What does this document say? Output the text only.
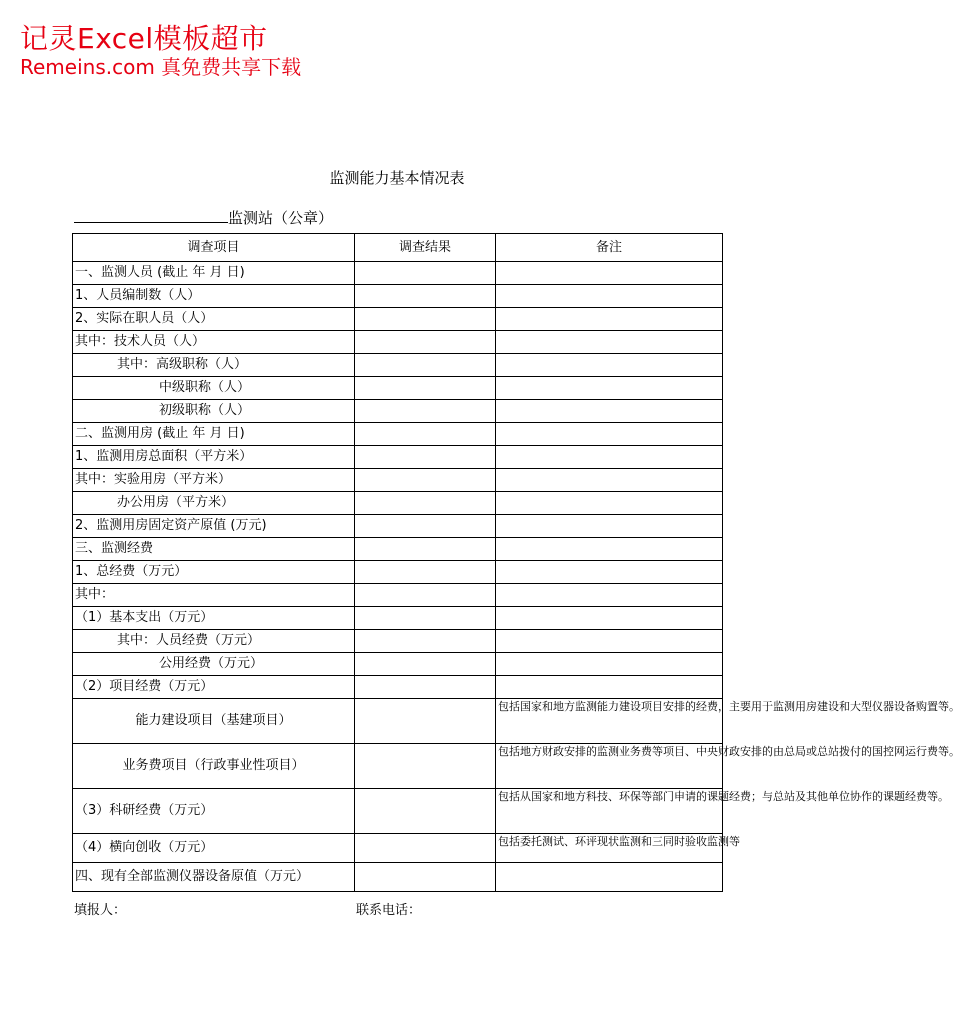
记灵Excel模板超市
Remeins.com 真免费共享下载
监测能力基本情况表
监测站（公章）
调查项目	调查结果	备注
一、监测人员 (截止 年 月 日)		
1、人员编制数（人）		
2、实际在职人员（人）		
其中：技术人员（人）		
其中：高级职称（人）		
中级职称（人）		
初级职称（人）		
二、监测用房 (截止 年 月 日)		
1、监测用房总面积（平方米）		
其中：实验用房（平方米）		
办公用房（平方米）		
2、监测用房固定资产原值 (万元)		
三、监测经费		
1、总经费（万元）		
其中：		
（1）基本支出（万元）		
其中：人员经费（万元）		
公用经费（万元）		
（2）项目经费（万元）		
能力建设项目（基建项目）		包括国家和地方监测能力建设项目安排的经费，主要用于监测用房建设和大型仪器设备购置等。
业务费项目（行政事业性项目）		包括地方财政安排的监测业务费等项目、中央财政安排的由总局或总站拨付的国控网运行费等。
（3）科研经费（万元）		包括从国家和地方科技、环保等部门申请的课题经费；与总站及其他单位协作的课题经费等。
（4）横向创收（万元）		包括委托测试、环评现状监测和三同时验收监测等
四、现有全部监测仪器设备原值（万元）		
填报人：	联系电话：
